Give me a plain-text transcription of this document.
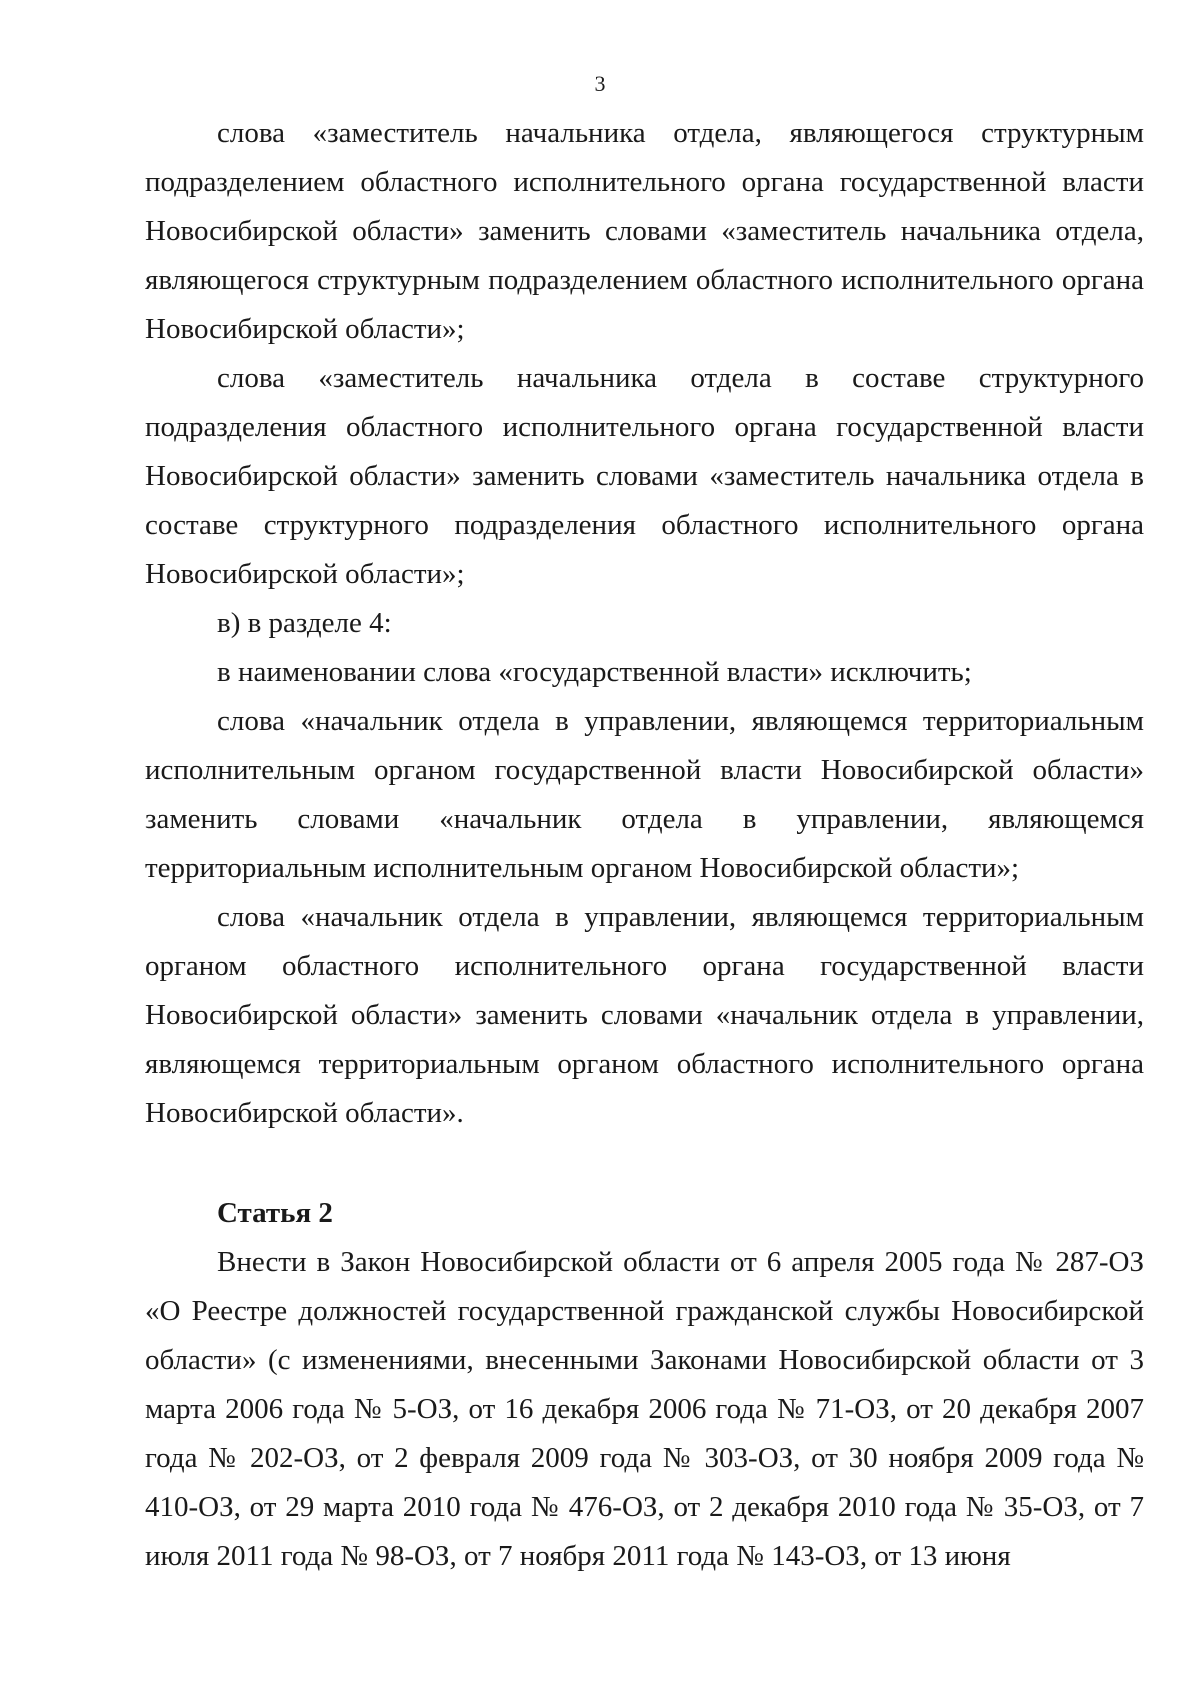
3

слова «заместитель начальника отдела, являющегося структурным подразделением областного исполнительного органа государственной власти Новосибирской области» заменить словами «заместитель начальника отдела, являющегося структурным подразделением областного исполнительного органа Новосибирской области»;

слова «заместитель начальника отдела в составе структурного подразделения областного исполнительного органа государственной власти Новосибирской области» заменить словами «заместитель начальника отдела в составе структурного подразделения областного исполнительного органа Новосибирской области»;

в) в разделе 4:

в наименовании слова «государственной власти» исключить;

слова «начальник отдела в управлении, являющемся территориальным исполнительным органом государственной власти Новосибирской области» заменить словами «начальник отдела в управлении, являющемся территориальным исполнительным органом Новосибирской области»;

слова «начальник отдела в управлении, являющемся территориальным органом областного исполнительного органа государственной власти Новосибирской области» заменить словами «начальник отдела в управлении, являющемся территориальным органом областного исполнительного органа Новосибирской области».

Статья 2

Внести в Закон Новосибирской области от 6 апреля 2005 года № 287-ОЗ «О Реестре должностей государственной гражданской службы Новосибирской области» (с изменениями, внесенными Законами Новосибирской области от 3 марта 2006 года № 5-ОЗ, от 16 декабря 2006 года № 71-ОЗ, от 20 декабря 2007 года № 202-ОЗ, от 2 февраля 2009 года № 303-ОЗ, от 30 ноября 2009 года № 410-ОЗ, от 29 марта 2010 года № 476-ОЗ, от 2 декабря 2010 года № 35-ОЗ, от 7 июля 2011 года № 98-ОЗ, от 7 ноября 2011 года № 143-ОЗ, от 13 июня
